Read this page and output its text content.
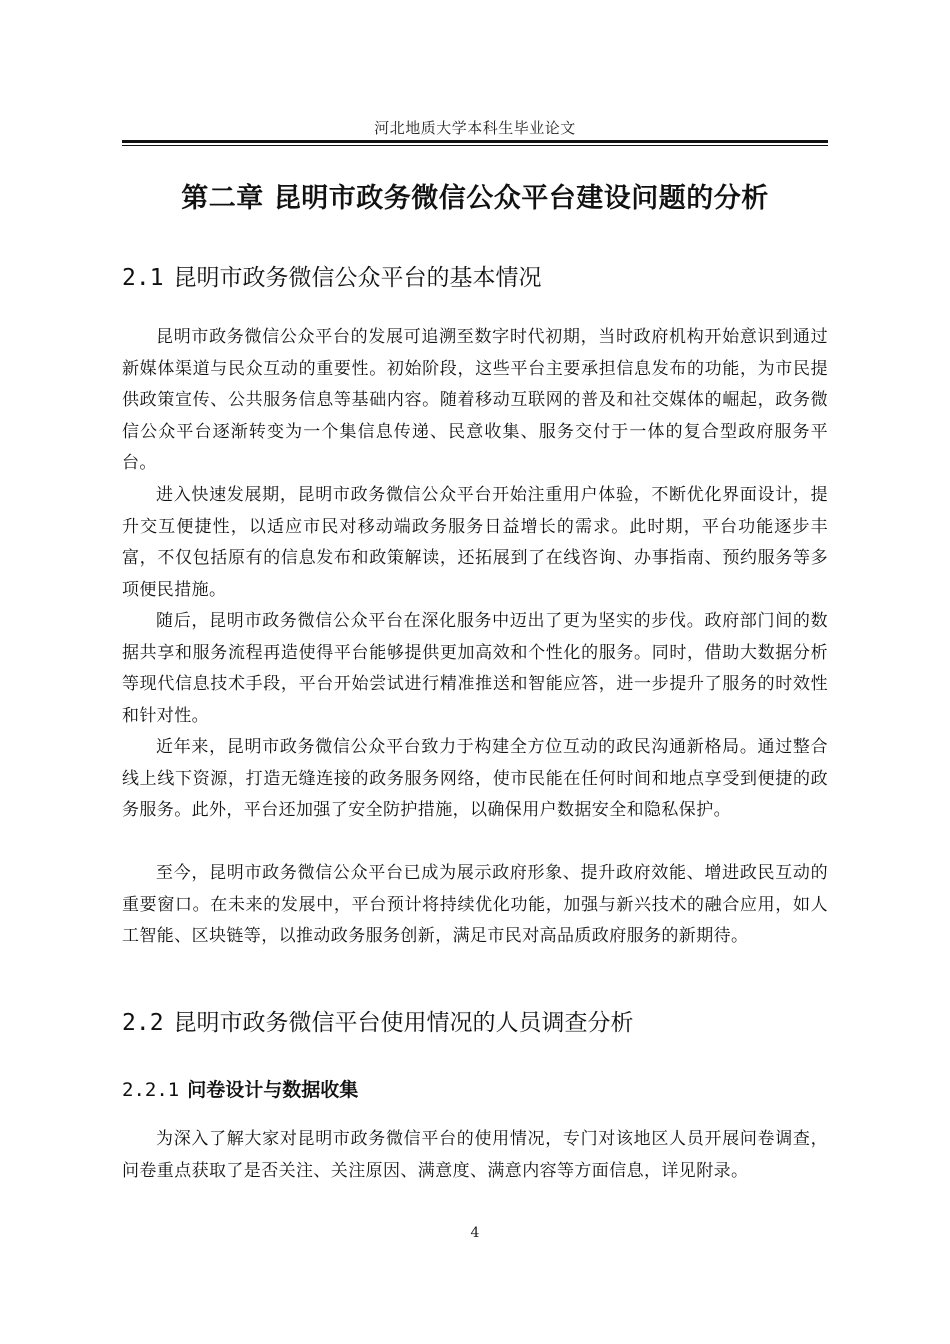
河北地质大学本科生毕业论文
第二章 昆明市政务微信公众平台建设问题的分析
2.1 昆明市政务微信公众平台的基本情况

昆明市政务微信公众平台的发展可追溯至数字时代初期，当时政府机构开始意识到通过新媒体渠道与民众互动的重要性。初始阶段，这些平台主要承担信息发布的功能，为市民提供政策宣传、公共服务信息等基础内容。随着移动互联网的普及和社交媒体的崛起，政务微信公众平台逐渐转变为一个集信息传递、民意收集、服务交付于一体的复合型政府服务平台。

进入快速发展期，昆明市政务微信公众平台开始注重用户体验，不断优化界面设计，提升交互便捷性，以适应市民对移动端政务服务日益增长的需求。此时期，平台功能逐步丰富，不仅包括原有的信息发布和政策解读，还拓展到了在线咨询、办事指南、预约服务等多项便民措施。

随后，昆明市政务微信公众平台在深化服务中迈出了更为坚实的步伐。政府部门间的数据共享和服务流程再造使得平台能够提供更加高效和个性化的服务。同时，借助大数据分析等现代信息技术手段，平台开始尝试进行精准推送和智能应答，进一步提升了服务的时效性和针对性。

近年来，昆明市政务微信公众平台致力于构建全方位互动的政民沟通新格局。通过整合线上线下资源，打造无缝连接的政务服务网络，使市民能在任何时间和地点享受到便捷的政务服务。此外，平台还加强了安全防护措施，以确保用户数据安全和隐私保护。

至今，昆明市政务微信公众平台已成为展示政府形象、提升政府效能、增进政民互动的重要窗口。在未来的发展中，平台预计将持续优化功能，加强与新兴技术的融合应用，如人工智能、区块链等，以推动政务服务创新，满足市民对高品质政府服务的新期待。

2.2 昆明市政务微信平台使用情况的人员调查分析
2.2.1 问卷设计与数据收集

为深入了解大家对昆明市政务微信平台的使用情况，专门对该地区人员开展问卷调查，问卷重点获取了是否关注、关注原因、满意度、满意内容等方面信息，详见附录。

4
